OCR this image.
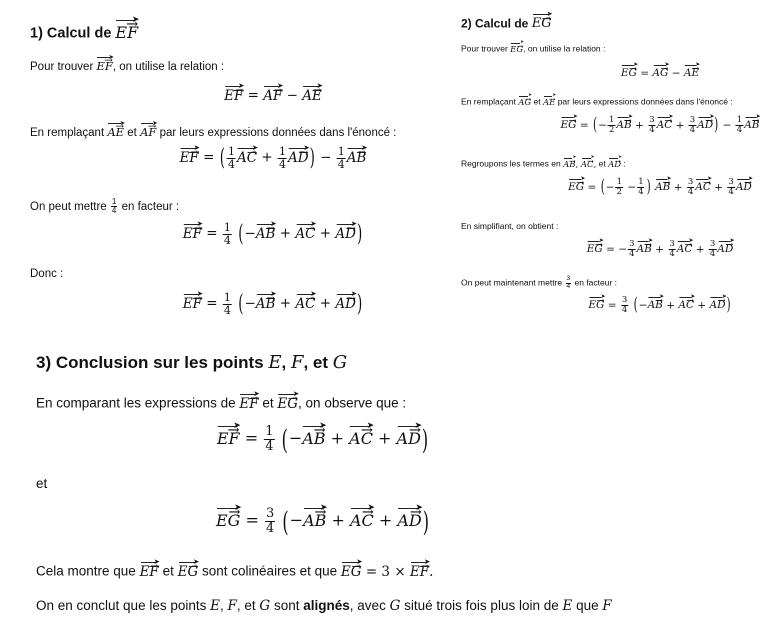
1) Calcul de
➤
EF →
Pour trouver
➤
EF →, on utilise la relation :
➤
EF → =
➤
AF → −
➤
AE →
En remplaçant
➤
AE → et
➤
AF → par leurs expressions données dans l'énoncé :
➤
EF → = ( $\frac{1}{4}$ ➤
AC → + $\frac{1}{4}$ ➤
AD →) − $\frac{1}{4}$ ➤
AB →
On peut mettre $\frac{1}{4}$ en facteur :
➤
EF → = $\frac{1}{4}$ (−
➤
AB → +
➤
AC → +
➤
AD →)
Donc :
➤
EF → = $\frac{1}{4}$ (−
➤
AB → +
➤
AC → +
➤
AD →)
2) Calcul de
➤
EG →
Pour trouver
➤
EG →, on utilise la relation :
➤
EG → =
➤
AG → −
➤
AE →
En remplaçant
➤
AG → et
➤
AE → par leurs expressions données dans l'énoncé :
➤
EG → = (− $\frac{1}{2}$ ➤
AB → + $\frac{3}{4}$ ➤
AC → + $\frac{3}{4}$ ➤
AD →) − $\frac{1}{4}$ ➤
AB →
Regroupons les termes en
➤
AB →,
➤
AC →, et
➤
AD → :
➤
EG → = (− $\frac{1}{2} - \frac{1}{4}$ )	➤
AB → + $\frac{3}{4}$ ➤
AC → + $\frac{3}{4}$ ➤
AD →
En simplifiant, on obtient :
➤
EG → = − $\frac{3}{4}$ ➤
AB → + $\frac{3}{4}$ ➤
AC → + $\frac{3}{4}$ ➤
AD →
On peut maintenant mettre $\frac{3}{4}$ en facteur :
➤
EG → = $\frac{3}{4}$ (−
➤
AB → +
➤
AC → +
➤
AD →)
3) Conclusion sur les points E, F, et G
En comparant les expressions de
➤
EF → et
➤
EG →, on observe que :
➤
EF → = $\frac{1}{4}$ (−
➤
AB → +
➤
AC → +
➤
AD →)
et
➤
EG → = $\frac{3}{4}$ (−
➤
AB → +
➤
AC → +
➤
AD →)
Cela montre que
➤
EF → et
➤
EG → sont colinéaires et que
➤
EG → = 3 ×
➤
EF →.
On en conclut que les points E, F, et G sont alignés, avec G situé trois fois plus loin de E que F
